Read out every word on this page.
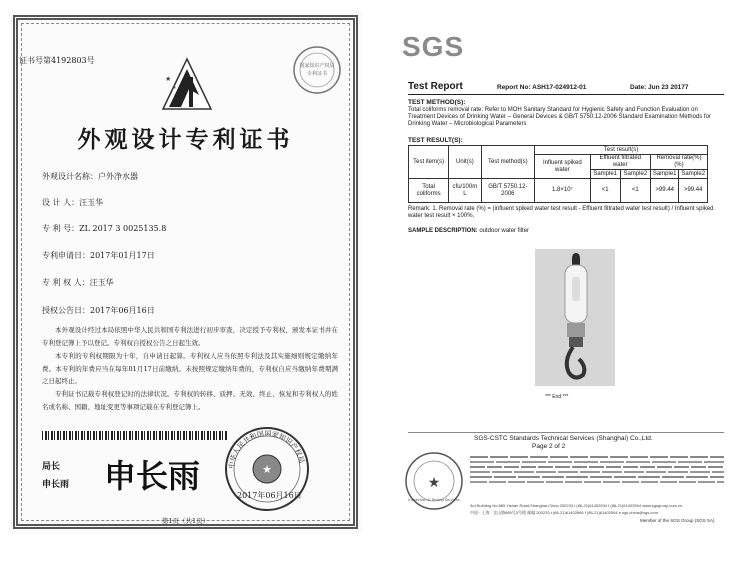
证书号第4192803号
★
★
国家知识产权局
专利证书
外观设计专利证书
外观设计名称：户外净水器
设 计 人：汪玉华
专 利 号：ZL 2017 3 0025135.8
专利申请日：2017年01月17日
专 利 权 人：汪玉华
授权公告日：2017年06月16日
本外观设计经过本局依照中华人民共和国专利法进行初步审查，决定授予专利权，颁发本证书并在专利登记簿上予以登记。专利权自授权公告之日起生效。
本专利的专利权期限为十年，自申请日起算。专利权人应当依照专利法及其实施细则规定缴纳年费。本专利的年费应当在每年01月17日前缴纳。未按照规定缴纳年费的，专利权自应当缴纳年费期满之日起终止。
专利证书记载专利权登记时的法律状况。专利权的转移、质押、无效、终止、恢复和专利权人的姓名或名称、国籍、地址变更等事项记载在专利登记簿上。
局长
申长雨 申长雨	★
中华人民共和国国家知识产权局
2017年06月16日
第1页（共1页）
SGS
Test Report	Report No: ASH17-024912-01	Date: Jun 23 20177
TEST METHOD(S):
Total coliforms removal rate: Refer to MOH Sanitary Standard for Hygienic Safety and Function Evaluation on Treatment Devices of Drinking Water – General Devices & GB/T 5750.12-2006 Standard Examination Methods for Drinking Water – Microbiological Parameters
TEST RESULT(S):
Test item(s)	Unit(s)	Test method(s)	Test result(s)				
			Influent spiked water	Effluent filtrated water		Removal rate(%)(%)	
				Sample1	Sample2	Sample1	Sample2
Total coliforms	cfu/100m L	GB/T 5750.12-2006	1.8×10⁷	<1	<1	>99.44	>99.44
Remark: 1. Removal rate (%) = (influent spiked water test result - Effluent filtrated water test result) / Influent spiked water test result × 100%.
SAMPLE DESCRIPTION: outdoor water filter
*** End ***
SGS-CSTC Standards Technical Services (Shanghai) Co.,Ltd.
Page 2 of 2
★
Inspection & Testing Services
3rd Building No.889,Yishan Road,Shanghai,China 200233 t (86-21)61402594 f (86-21)61402594 www.sgsgroup.com.cn
中国 · 上海 · 宜山路889号3号楼 邮编 200233 t (86-21)61402666 f (86-21)61402594 e sgs.china@sgs.com
Member of the SGS Group (SGS SA)
